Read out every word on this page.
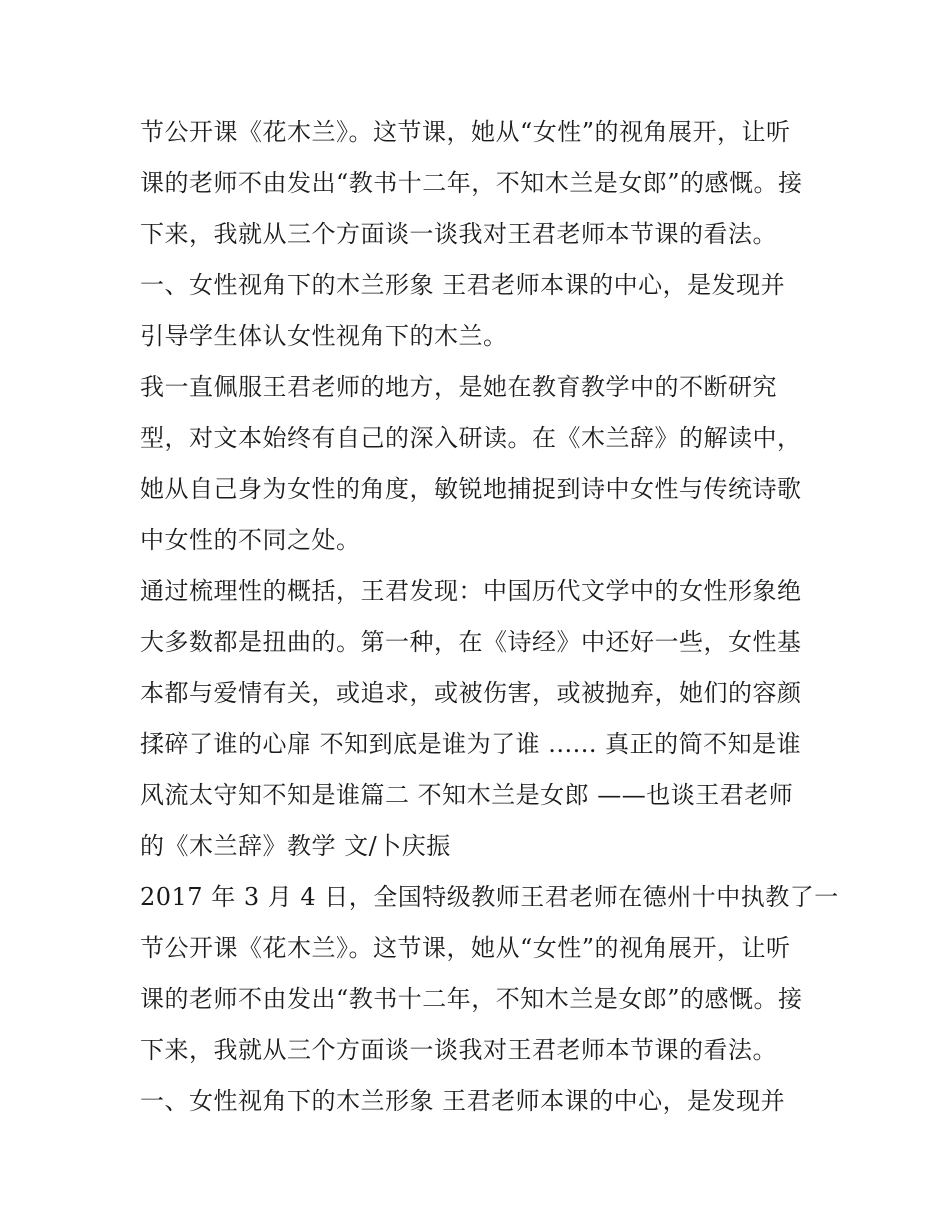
节公开课《花木兰》。这节课，她从“女性”的视角展开，让听
课的老师不由发出“教书十二年，不知木兰是女郎”的感慨。接
下来，我就从三个方面谈一谈我对王君老师本节课的看法。
一、女性视角下的木兰形象 王君老师本课的中心，是发现并
引导学生体认女性视角下的木兰。
我一直佩服王君老师的地方，是她在教育教学中的不断研究
型，对文本始终有自己的深入研读。在《木兰辞》的解读中，
她从自己身为女性的角度，敏锐地捕捉到诗中女性与传统诗歌
中女性的不同之处。
通过梳理性的概括，王君发现：中国历代文学中的女性形象绝
大多数都是扭曲的。第一种，在《诗经》中还好一些，女性基
本都与爱情有关，或追求，或被伤害，或被抛弃，她们的容颜
揉碎了谁的心扉 不知到底是谁为了谁 ...... 真正的简不知是谁
风流太守知不知是谁篇二 不知木兰是女郎 ——也谈王君老师
的《木兰辞》教学 文/卜庆振
2017 年 3 月 4 日，全国特级教师王君老师在德州十中执教了一
节公开课《花木兰》。这节课，她从“女性”的视角展开，让听
课的老师不由发出“教书十二年，不知木兰是女郎”的感慨。接
下来，我就从三个方面谈一谈我对王君老师本节课的看法。
一、女性视角下的木兰形象 王君老师本课的中心，是发现并
